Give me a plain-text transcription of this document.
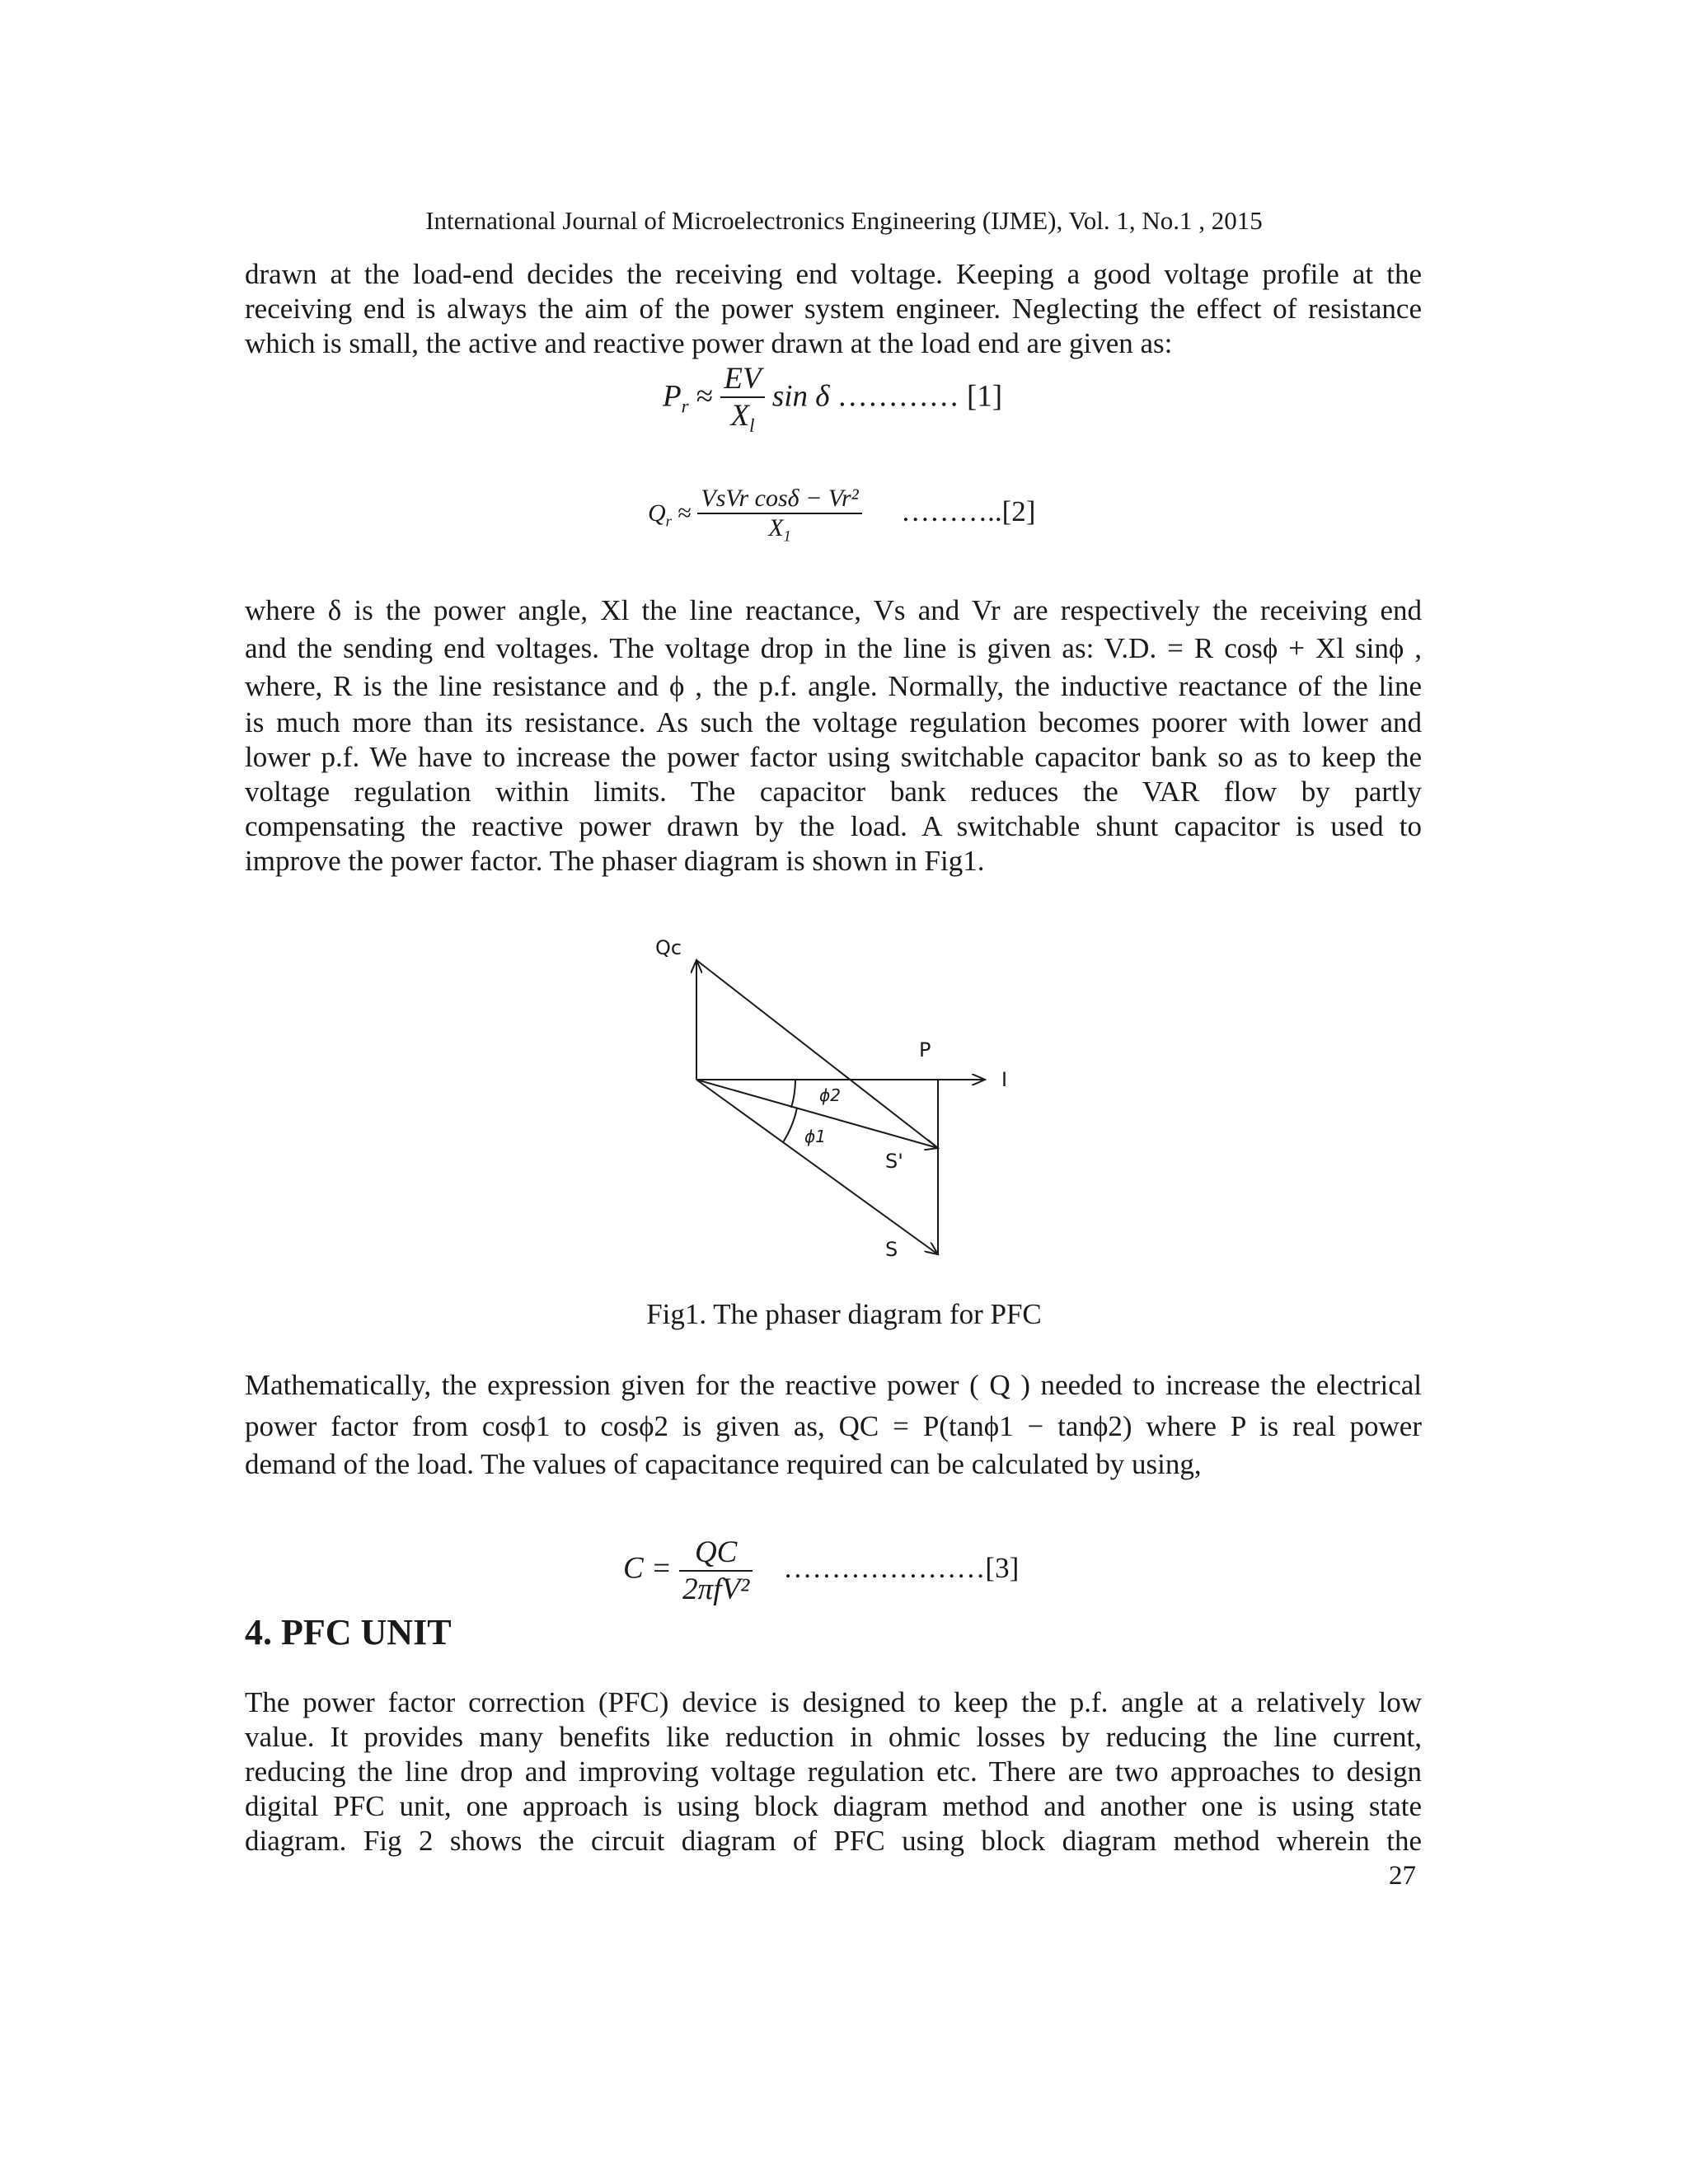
International Journal of Microelectronics Engineering (IJME), Vol. 1, No.1 , 2015
drawn at the load-end decides the receiving end voltage. Keeping a good voltage profile at the
receiving end is always the aim of the power system engineer. Neglecting the effect of resistance
which is small, the active and reactive power drawn at the load end are given as:
$P_r \approx \frac{EV}{X_l}$ sin δ ………… [1]
$Q_r \approx \frac{\text{VsVr cosδ − Vr²}}{X_1}$ ………..[2]
where δ is the power angle, Xl the line reactance, Vs and Vr are respectively the receiving end
and the sending end voltages. The voltage drop in the line is given as: V.D. = R cosϕ + Xl sinϕ ,
where, R is the line resistance and ϕ , the p.f. angle. Normally, the inductive reactance of the line
is much more than its resistance. As such the voltage regulation becomes poorer with lower and
lower p.f. We have to increase the power factor using switchable capacitor bank so as to keep the
voltage regulation within limits. The capacitor bank reduces the VAR flow by partly
compensating the reactive power drawn by the load. A switchable shunt capacitor is used to
improve the power factor. The phaser diagram is shown in Fig1.
Qc
P
I
ϕ2
ϕ1
S'
S
Fig1. The phaser diagram for PFC
Mathematically, the expression given for the reactive power ( Q ) needed to increase the electrical
power factor from cosϕ1 to cosϕ2 is given as, QC = P(tanϕ1 − tanϕ2) where P is real power
demand of the load. The values of capacitance required can be calculated by using,
$C = \frac{QC}{\text{2πfV²}}$ …………………[3]
4. PFC UNIT
The power factor correction (PFC) device is designed to keep the p.f. angle at a relatively low
value. It provides many benefits like reduction in ohmic losses by reducing the line current,
reducing the line drop and improving voltage regulation etc. There are two approaches to design
digital PFC unit, one approach is using block diagram method and another one is using state
diagram. Fig 2 shows the circuit diagram of PFC using block diagram method wherein the
27
